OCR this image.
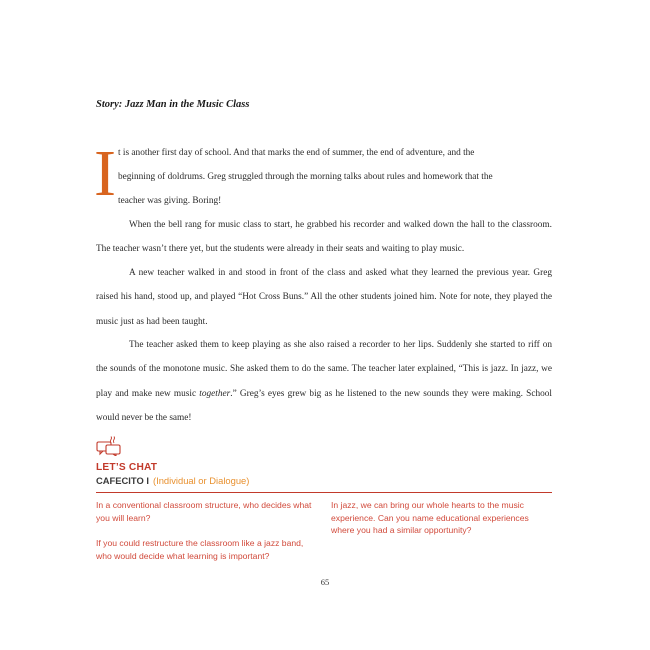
Story: Jazz Man in the Music Class
I t is another first day of school. And that marks the end of summer, the end of adventure, and the
beginning of doldrums. Greg struggled through the morning talks about rules and homework that the
teacher was giving. Boring!
When the bell rang for music class to start, he grabbed his recorder and walked down the hall to the classroom. The teacher wasn’t there yet, but the students were already in their seats and waiting to play music.
A new teacher walked in and stood in front of the class and asked what they learned the previous year. Greg raised his hand, stood up, and played “Hot Cross Buns.” All the other students joined him. Note for note, they played the music just as had been taught.
The teacher asked them to keep playing as she also raised a recorder to her lips. Suddenly she started to riff on the sounds of the monotone music. She asked them to do the same. The teacher later explained, “This is jazz. In jazz, we play and make new music together.” Greg’s eyes grew big as he listened to the new sounds they were making. School would never be the same!
LET’S CHAT
CAFECITO I (Individual or Dialogue)
In a conventional classroom structure, who decides what you will learn?
If you could restructure the classroom like a jazz band, who would decide what learning is important?
In jazz, we can bring our whole hearts to the music experience. Can you name educational experiences where you had a similar opportunity?
65
